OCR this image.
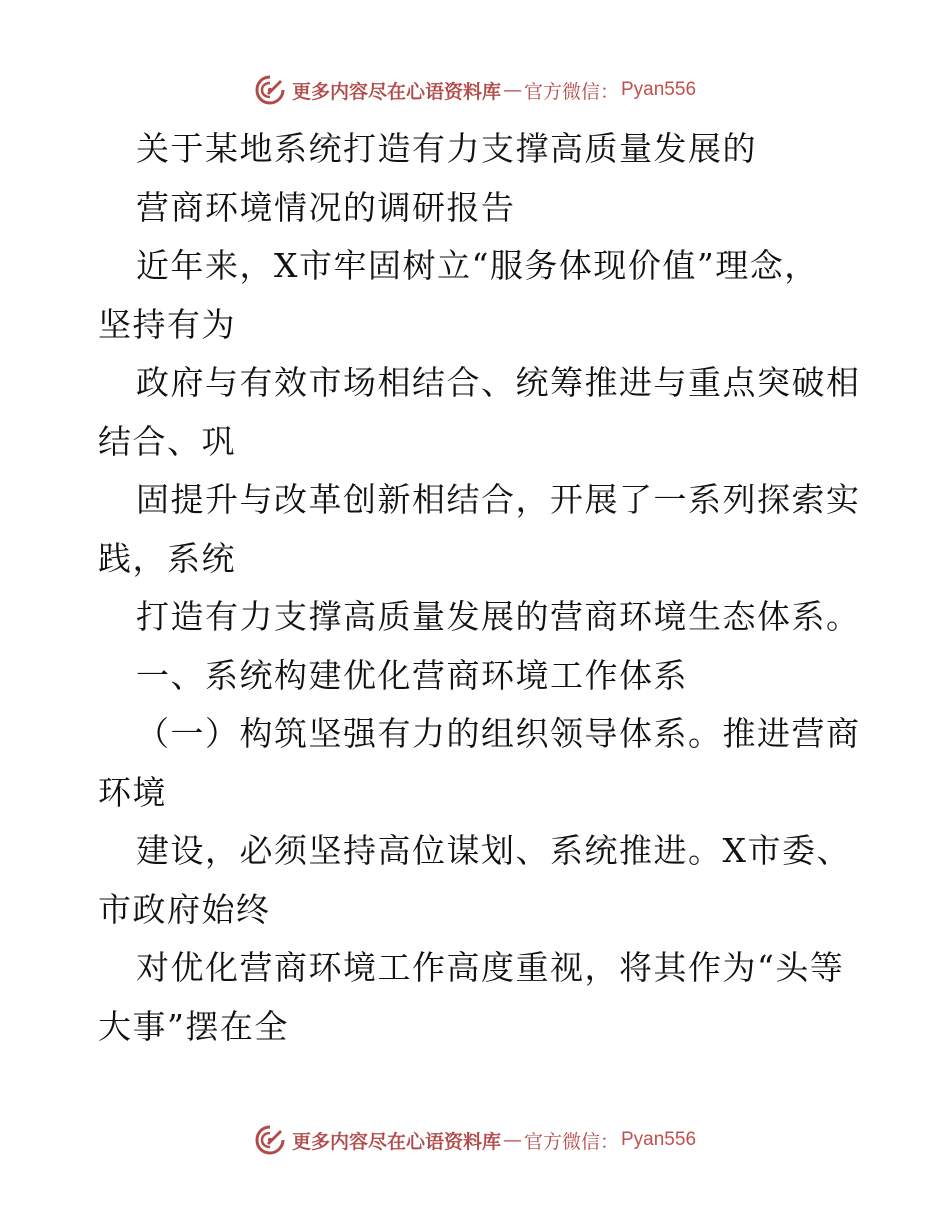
更多内容尽在心语资料库 — 官方微信： Pyan556
关于某地系统打造有力支撑高质量发展的
营商环境情况的调研报告
近年来，X市牢固树立“服务体现价值”理念，
坚持有为
政府与有效市场相结合、统筹推进与重点突破相
结合、巩
固提升与改革创新相结合，开展了一系列探索实
践，系统
打造有力支撑高质量发展的营商环境生态体系。
一、系统构建优化营商环境工作体系
（一）构筑坚强有力的组织领导体系。推进营商
环境
建设，必须坚持高位谋划、系统推进。X市委、
市政府始终
对优化营商环境工作高度重视，将其作为“头等
大事”摆在全
更多内容尽在心语资料库 — 官方微信： Pyan556
